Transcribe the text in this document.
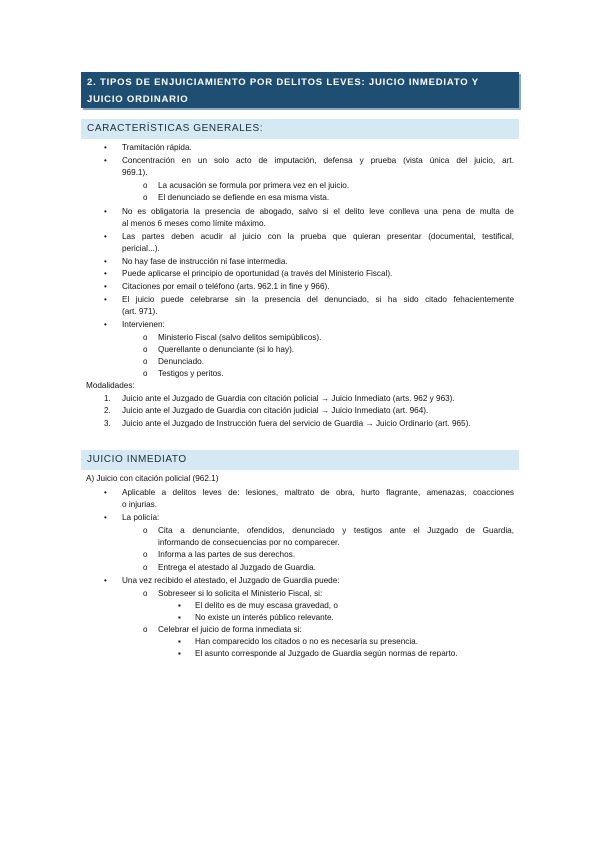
2. TIPOS DE ENJUICIAMIENTO POR DELITOS LEVES: JUICIO INMEDIATO Y JUICIO ORDINARIO
CARACTERÍSTICAS GENERALES:
• Tramitación rápida.
• Concentración en un solo acto de imputación, defensa y prueba (vista única del juicio, art.
969.1).
o La acusación se formula por primera vez en el juicio.
o El denunciado se defiende en esa misma vista.
• No es obligatoria la presencia de abogado, salvo si el delito leve conlleva una pena de multa de
al menos 6 meses como límite máximo.
• Las partes deben acudir al juicio con la prueba que quieran presentar (documental, testifical,
pericial...).
• No hay fase de instrucción ni fase intermedia.
• Puede aplicarse el principio de oportunidad (a través del Ministerio Fiscal).
• Citaciones por email o teléfono (arts. 962.1 in fine y 966).
• El juicio puede celebrarse sin la presencia del denunciado, si ha sido citado fehacientemente
(art. 971).
• Intervienen:
o Ministerio Fiscal (salvo delitos semipúblicos).
o Querellante o denunciante (si lo hay).
o Denunciado.
o Testigos y peritos.
Modalidades:
1. Juicio ante el Juzgado de Guardia con citación policial → Juicio Inmediato (arts. 962 y 963).
2. Juicio ante el Juzgado de Guardia con citación judicial → Juicio Inmediato (art. 964).
3. Juicio ante el Juzgado de Instrucción fuera del servicio de Guardia → Juicio Ordinario (art. 965).
JUICIO INMEDIATO
A) Juicio con citación policial (962.1)
• Aplicable a delitos leves de: lesiones, maltrato de obra, hurto flagrante, amenazas, coacciones
o injurias.
• La policía:
o Cita a denunciante, ofendidos, denunciado y testigos ante el Juzgado de Guardia,
informando de consecuencias por no comparecer.
o Informa a las partes de sus derechos.
o Entrega el atestado al Juzgado de Guardia.
• Una vez recibido el atestado, el Juzgado de Guardia puede:
o Sobreseer si lo solicita el Ministerio Fiscal, si:
▪ El delito es de muy escasa gravedad, o
▪ No existe un interés público relevante.
o Celebrar el juicio de forma inmediata si:
▪ Han comparecido los citados o no es necesaria su presencia.
▪ El asunto corresponde al Juzgado de Guardia según normas de reparto.
